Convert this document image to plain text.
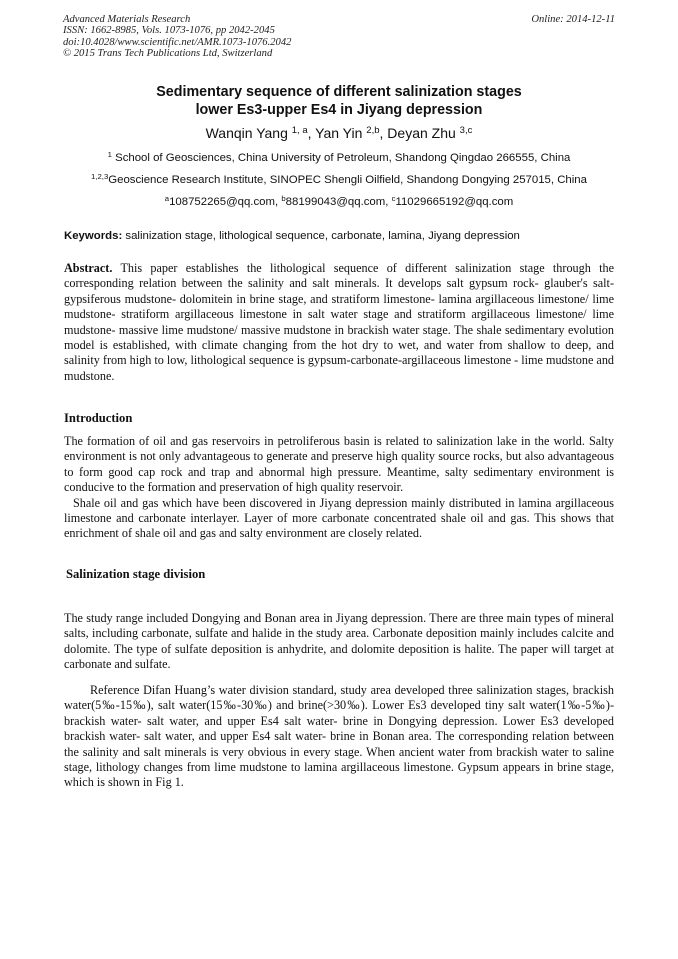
Advanced Materials Research
ISSN: 1662-8985, Vols. 1073-1076, pp 2042-2045
doi:10.4028/www.scientific.net/AMR.1073-1076.2042
© 2015 Trans Tech Publications Ltd, Switzerland
Online: 2014-12-11
Sedimentary sequence of different salinization stages
lower Es3-upper Es4 in Jiyang depression
Wanqin Yang $^{1, a}$, Yan Yin $^{2,b}$, Deyan Zhu $^{3,c}$
$^1$ School of Geosciences, China University of Petroleum, Shandong Qingdao 266555, China
$^{1,2,3}$Geoscience Research Institute, SINOPEC Shengli Oilfield, Shandong Dongying 257015, China
$^a$108752265@qq.com, $^b$88199043@qq.com, $^c$11029665192@qq.com
Keywords: salinization stage, lithological sequence, carbonate, lamina, Jiyang depression

Abstract. This paper establishes the lithological sequence of different salinization stage through the corresponding relation between the salinity and salt minerals. It develops salt gypsum rock- glauber's salt- gypsiferous mudstone- dolomitein in brine stage, and stratiform limestone- lamina argillaceous limestone/ lime mudstone- stratiform argillaceous limestone in salt water stage and stratiform argillaceous limestone/ lime mudstone- massive lime mudstone/ massive mudstone in brackish water stage. The shale sedimentary evolution model is established, with climate changing from the hot dry to wet, and water from shallow to deep, and salinity from high to low, lithological sequence is gypsum-carbonate-argillaceous limestone - lime mudstone and mudstone.

Introduction

The formation of oil and gas reservoirs in petroliferous basin is related to salinization lake in the world. Salty environment is not only advantageous to generate and preserve high quality source rocks, but also advantageous to form good cap rock and trap and abnormal high pressure. Meantime, salty sedimentary environment is conducive to the formation and preservation of high quality reservoir.

Shale oil and gas which have been discovered in Jiyang depression mainly distributed in lamina argillaceous limestone and carbonate interlayer. Layer of more carbonate concentrated shale oil and gas. This shows that enrichment of shale oil and gas and salty environment are closely related.

Salinization stage division

The study range included Dongying and Bonan area in Jiyang depression. There are three main types of mineral salts, including carbonate, sulfate and halide in the study area. Carbonate deposition mainly includes calcite and dolomite. The type of sulfate deposition is anhydrite, and dolomite deposition is halite. The paper will target at carbonate and sulfate.

Reference Difan Huang’s water division standard, study area developed three salinization stages, brackish water(5‰-15‰), salt water(15‰-30‰) and brine(>30‰). Lower Es3 developed tiny salt water(1‰-5‰)- brackish water- salt water, and upper Es4 salt water- brine in Dongying depression. Lower Es3 developed brackish water- salt water, and upper Es4 salt water- brine in Bonan area. The corresponding relation between the salinity and salt minerals is very obvious in every stage. When ancient water from brackish water to saline stage, lithology changes from lime mudstone to lamina argillaceous limestone. Gypsum appears in brine stage, which is shown in Fig 1.
